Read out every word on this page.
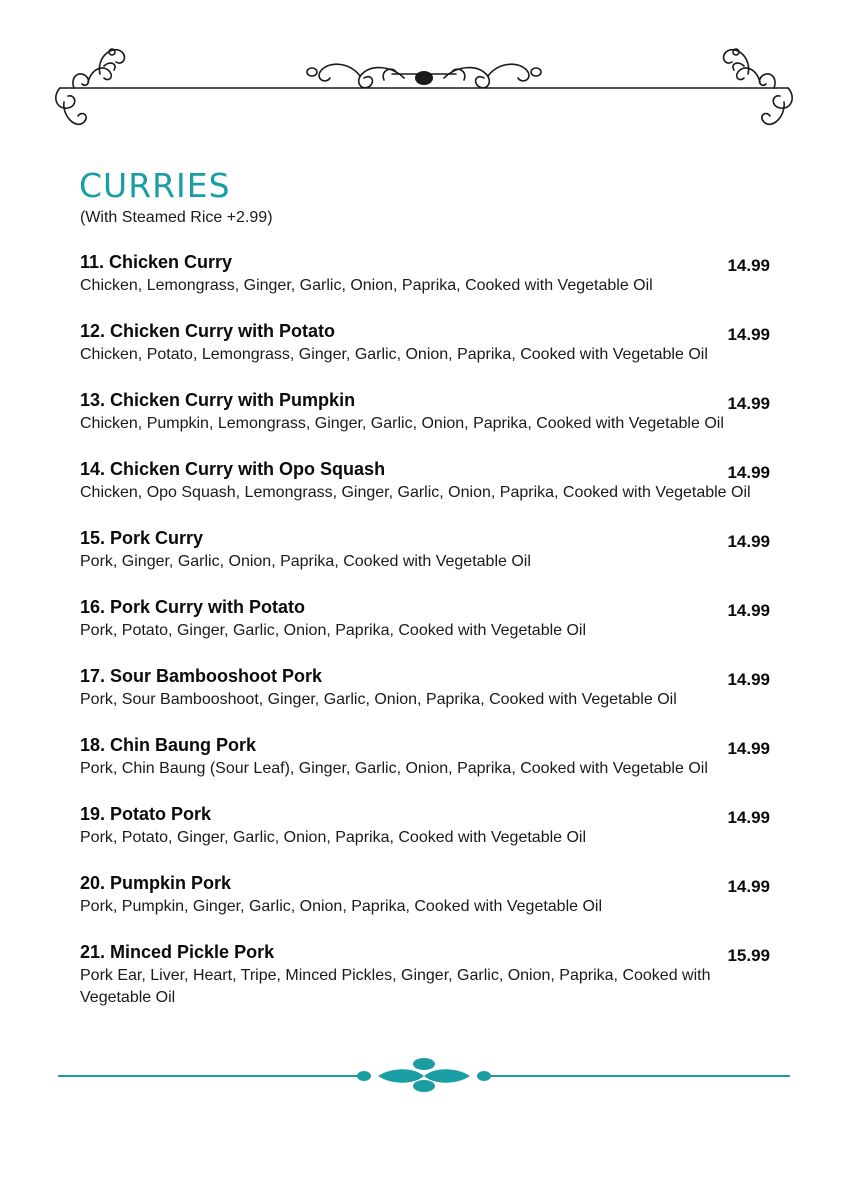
CURRIES

(With Steamed Rice +2.99)

11. Chicken Curry	14.99
Chicken, Lemongrass, Ginger, Garlic, Onion, Paprika, Cooked with Vegetable Oil
12. Chicken Curry with Potato	14.99
Chicken, Potato, Lemongrass, Ginger, Garlic, Onion, Paprika, Cooked with Vegetable Oil
13. Chicken Curry with Pumpkin	14.99
Chicken, Pumpkin, Lemongrass, Ginger, Garlic, Onion, Paprika, Cooked with Vegetable Oil
14. Chicken Curry with Opo Squash	14.99
Chicken, Opo Squash, Lemongrass, Ginger, Garlic, Onion, Paprika, Cooked with Vegetable Oil
15. Pork Curry	14.99
Pork, Ginger, Garlic, Onion, Paprika, Cooked with Vegetable Oil
16. Pork Curry with Potato	14.99
Pork, Potato, Ginger, Garlic, Onion, Paprika, Cooked with Vegetable Oil
17. Sour Bambooshoot Pork	14.99
Pork, Sour Bambooshoot, Ginger, Garlic, Onion, Paprika, Cooked with Vegetable Oil
18. Chin Baung Pork	14.99
Pork, Chin Baung (Sour Leaf), Ginger, Garlic, Onion, Paprika, Cooked with Vegetable Oil
19. Potato Pork	14.99
Pork, Potato, Ginger, Garlic, Onion, Paprika, Cooked with Vegetable Oil
20. Pumpkin Pork	14.99
Pork, Pumpkin, Ginger, Garlic, Onion, Paprika, Cooked with Vegetable Oil
21. Minced Pickle Pork	15.99
Pork Ear, Liver, Heart, Tripe, Minced Pickles, Ginger, Garlic, Onion, Paprika, Cooked with Vegetable Oil
